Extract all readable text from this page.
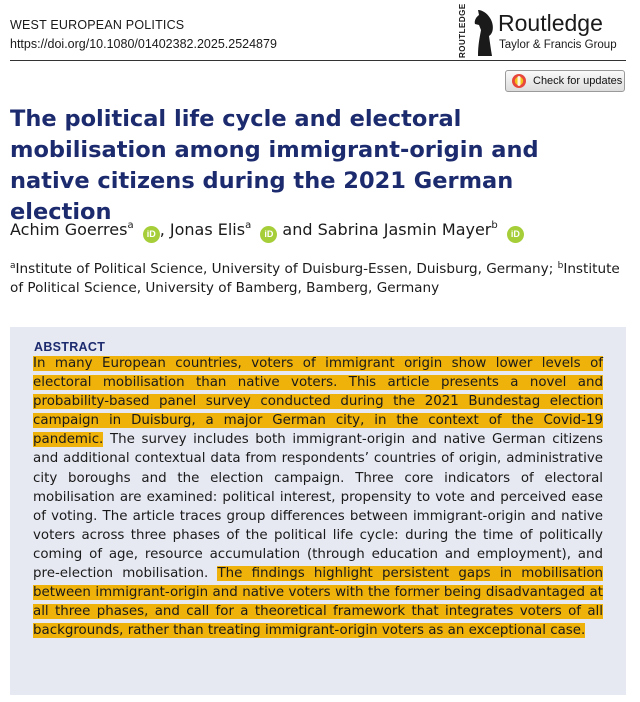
WEST EUROPEAN POLITICS
https://doi.org/10.1080/01402382.2025.2524879	ROUTLEDGE Routledge
Taylor & Francis Group
Check for updates
The political life cycle and electoral mobilisation among immigrant-origin and native citizens during the 2021 German election
Achim Goerres$^a$ iD , Jonas Elis$^a$ iD and Sabrina Jasmin Mayer$^b$ iD
$^a$Institute of Political Science, University of Duisburg-Essen, Duisburg, Germany; $^b$Institute of Political Science, University of Bamberg, Bamberg, Germany
ABSTRACT

In many European countries, voters of immigrant origin show lower levels of electoral mobilisation than native voters. This article presents a novel and probability-based panel survey conducted during the 2021 Bundestag election campaign in Duisburg, a major German city, in the context of the Covid-19 pandemic. The survey includes both immigrant-origin and native German citizens and additional contextual data from respondents’ countries of origin, administrative city boroughs and the election campaign. Three core indicators of electoral mobilisation are examined: political interest, propensity to vote and perceived ease of voting. The article traces group differences between immigrant-origin and native voters across three phases of the political life cycle: during the time of politically coming of age, resource accumulation (through education and employment), and pre-election mobilisation. The findings highlight persistent gaps in mobilisation between immigrant-origin and native voters with the former being disadvantaged at all three phases, and call for a theoretical framework that integrates voters of all backgrounds, rather than treating immigrant-origin voters as an exceptional case.
